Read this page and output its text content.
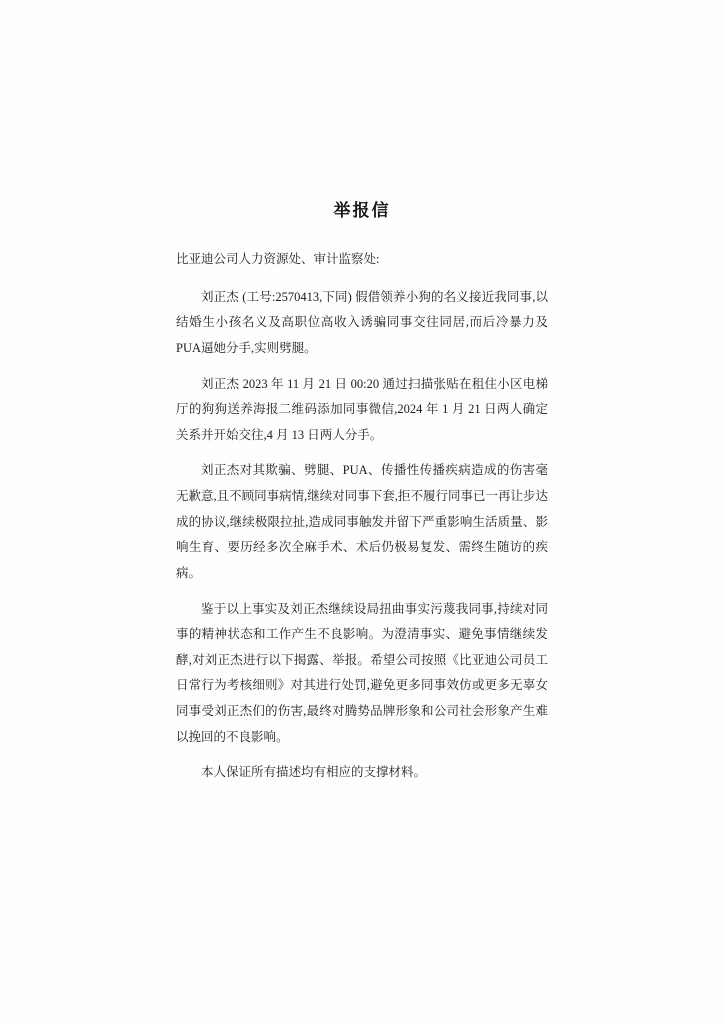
举报信

比亚迪公司人力资源处、审计监察处:

刘正杰 (工号:2570413,下同) 假借领养小狗的名义接近我同事,以结婚生小孩名义及高职位高收入诱骗同事交往同居,而后冷暴力及PUA逼她分手,实则劈腿。

刘正杰 2023 年 11 月 21 日 00:20 通过扫描张贴在租住小区电梯厅的狗狗送养海报二维码添加同事微信,2024 年 1 月 21 日两人确定关系并开始交往,4 月 13 日两人分手。

刘正杰对其欺骗、劈腿、PUA、传播性传播疾病造成的伤害毫无歉意,且不顾同事病情,继续对同事下套,拒不履行同事已一再让步达成的协议,继续极限拉扯,造成同事触发并留下严重影响生活质量、影响生育、要历经多次全麻手术、术后仍极易复发、需终生随访的疾病。

鉴于以上事实及刘正杰继续设局扭曲事实污蔑我同事,持续对同事的精神状态和工作产生不良影响。为澄清事实、避免事情继续发酵,对刘正杰进行以下揭露、举报。希望公司按照《比亚迪公司员工日常行为考核细则》对其进行处罚,避免更多同事效仿或更多无辜女同事受刘正杰们的伤害,最终对腾势品牌形象和公司社会形象产生难以挽回的不良影响。

本人保证所有描述均有相应的支撑材料。
